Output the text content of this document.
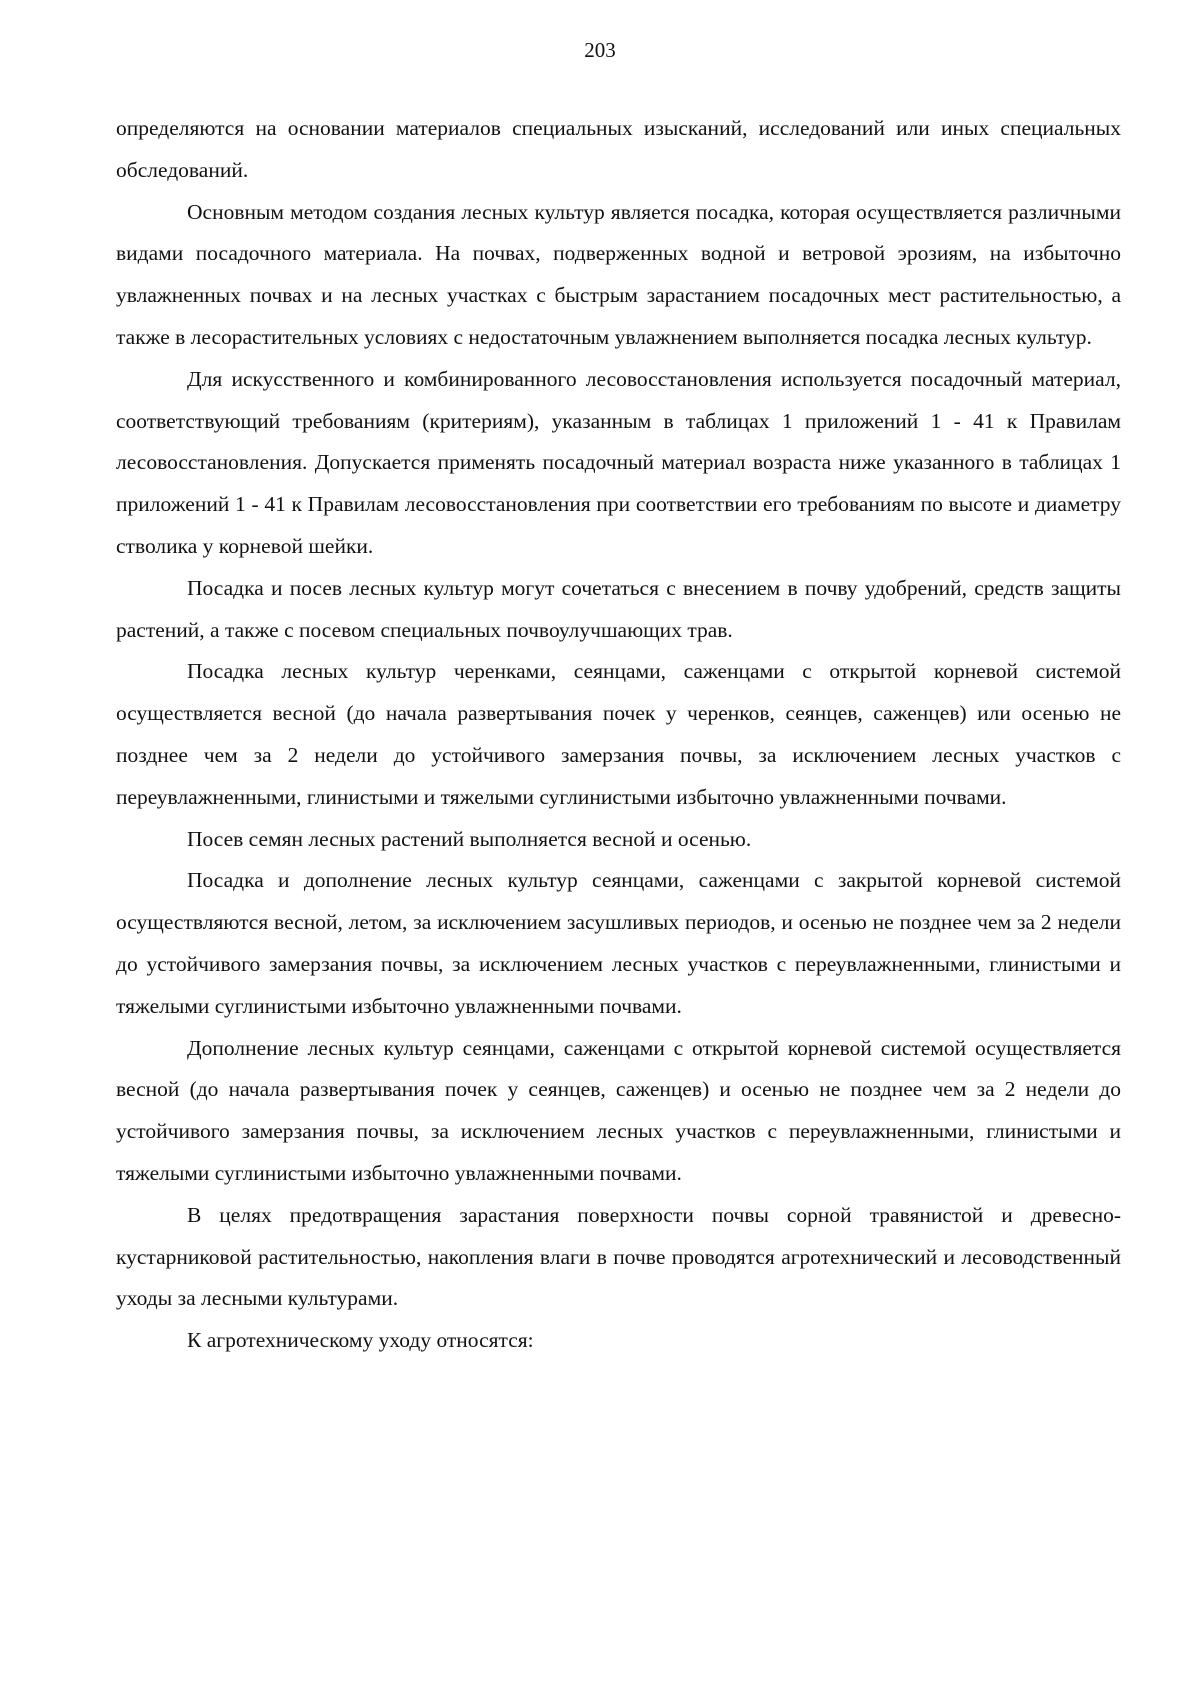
203

определяются на основании материалов специальных изысканий, исследований или иных специальных обследований.

Основным методом создания лесных культур является посадка, которая осуществляется различными видами посадочного материала. На почвах, подверженных водной и ветровой эрозиям, на избыточно увлажненных почвах и на лесных участках с быстрым зарастанием посадочных мест растительностью, а также в лесорастительных условиях с недостаточным увлажнением выполняется посадка лесных культур.

Для искусственного и комбинированного лесовосстановления используется посадочный материал, соответствующий требованиям (критериям), указанным в таблицах 1 приложений 1 - 41 к Правилам лесовосстановления. Допускается применять посадочный материал возраста ниже указанного в таблицах 1 приложений 1 - 41 к Правилам лесовосстановления при соответствии его требованиям по высоте и диаметру стволика у корневой шейки.

Посадка и посев лесных культур могут сочетаться с внесением в почву удобрений, средств защиты растений, а также с посевом специальных почвоулучшающих трав.

Посадка лесных культур черенками, сеянцами, саженцами с открытой корневой системой осуществляется весной (до начала развертывания почек у черенков, сеянцев, саженцев) или осенью не позднее чем за 2 недели до устойчивого замерзания почвы, за исключением лесных участков с переувлажненными, глинистыми и тяжелыми суглинистыми избыточно увлажненными почвами.

Посев семян лесных растений выполняется весной и осенью.

Посадка и дополнение лесных культур сеянцами, саженцами с закрытой корневой системой осуществляются весной, летом, за исключением засушливых периодов, и осенью не позднее чем за 2 недели до устойчивого замерзания почвы, за исключением лесных участков с переувлажненными, глинистыми и тяжелыми суглинистыми избыточно увлажненными почвами.

Дополнение лесных культур сеянцами, саженцами с открытой корневой системой осуществляется весной (до начала развертывания почек у сеянцев, саженцев) и осенью не позднее чем за 2 недели до устойчивого замерзания почвы, за исключением лесных участков с переувлажненными, глинистыми и тяжелыми суглинистыми избыточно увлажненными почвами.

В целях предотвращения зарастания поверхности почвы сорной травянистой и древесно-кустарниковой растительностью, накопления влаги в почве проводятся агротехнический и лесоводственный уходы за лесными культурами.

К агротехническому уходу относятся:
